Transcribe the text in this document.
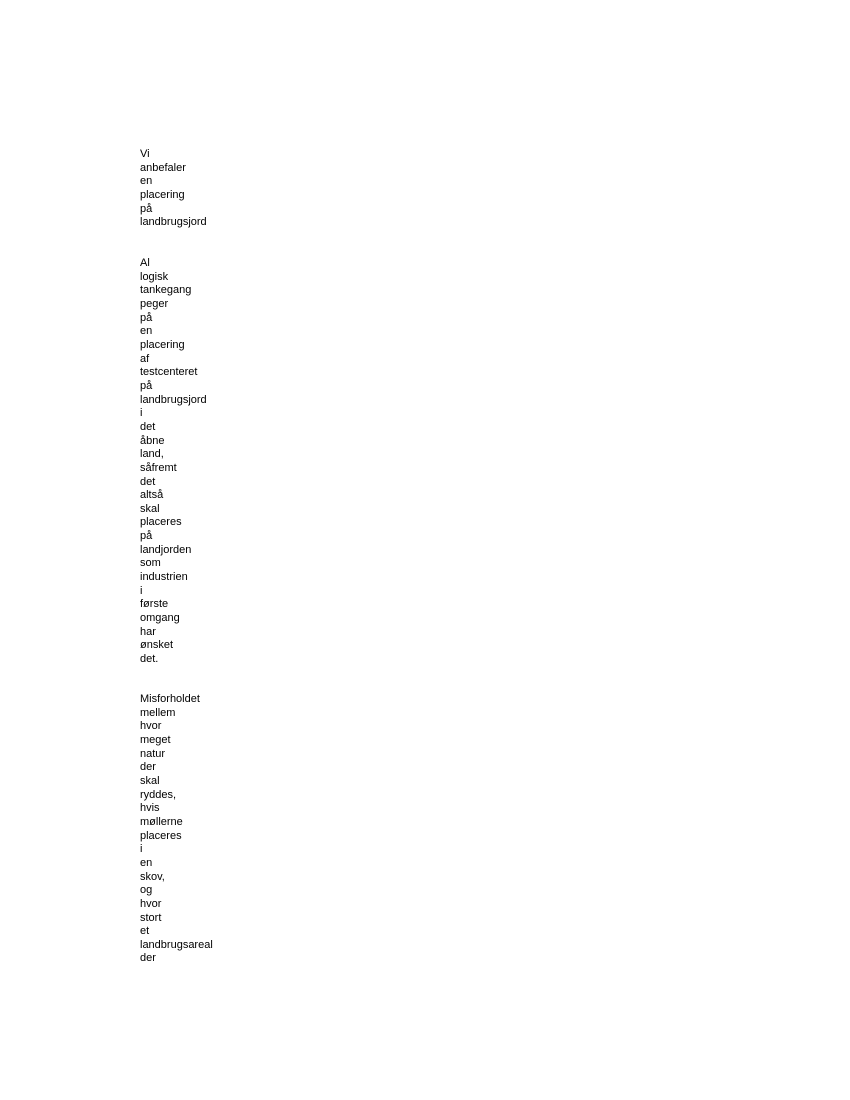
Vi
anbefaler
en
placering
på
landbrugsjord
Al
logisk
tankegang
peger
på
en
placering
af
testcenteret
på
landbrugsjord
i
det
åbne
land,
såfremt
det
altså
skal
placeres
på
landjorden
som
industrien
i
første
omgang
har
ønsket
det.
Misforholdet
mellem
hvor
meget
natur
der
skal
ryddes,
hvis
møllerne
placeres
i
en
skov,
og
hvor
stort
et
landbrugsareal
der
